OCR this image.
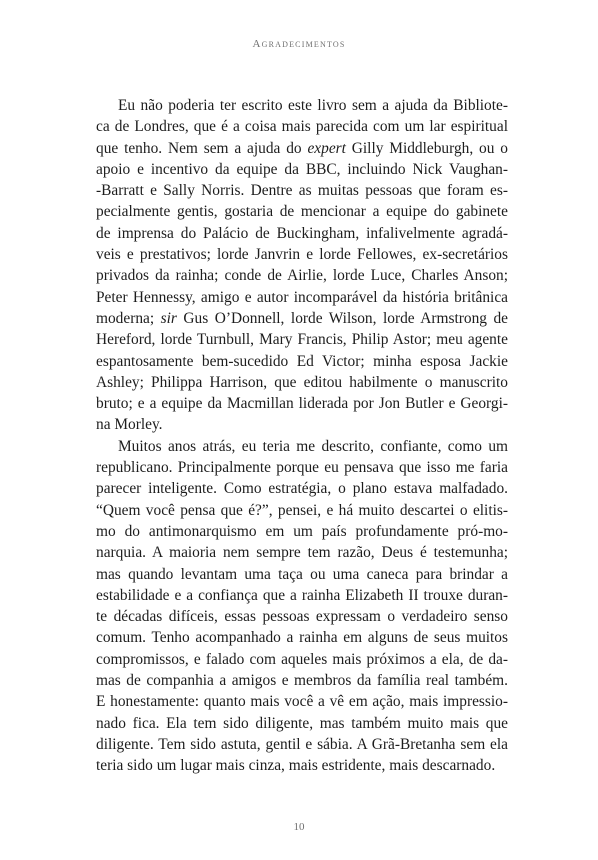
Agradecimentos
Eu não poderia ter escrito este livro sem a ajuda da Bibliote-
ca de Londres, que é a coisa mais parecida com um lar espiritual
que tenho. Nem sem a ajuda do expert Gilly Middleburgh, ou o
apoio e incentivo da equipe da BBC, incluindo Nick Vaughan-
-Barratt e Sally Norris. Dentre as muitas pessoas que foram es-
pecialmente gentis, gostaria de mencionar a equipe do gabinete
de imprensa do Palácio de Buckingham, infalivelmente agradá-
veis e prestativos; lorde Janvrin e lorde Fellowes, ex-secretários
privados da rainha; conde de Airlie, lorde Luce, Charles Anson;
Peter Hennessy, amigo e autor incomparável da história britânica
moderna; sir Gus O’Donnell, lorde Wilson, lorde Armstrong de
Hereford, lorde Turnbull, Mary Francis, Philip Astor; meu agente
espantosamente bem-sucedido Ed Victor; minha esposa Jackie
Ashley; Philippa Harrison, que editou habilmente o manuscrito
bruto; e a equipe da Macmillan liderada por Jon Butler e Georgi-
na Morley.
Muitos anos atrás, eu teria me descrito, confiante, como um
republicano. Principalmente porque eu pensava que isso me faria
parecer inteligente. Como estratégia, o plano estava malfadado.
“Quem você pensa que é?”, pensei, e há muito descartei o elitis-
mo do antimonarquismo em um país profundamente pró-mo-
narquia. A maioria nem sempre tem razão, Deus é testemunha;
mas quando levantam uma taça ou uma caneca para brindar a
estabilidade e a confiança que a rainha Elizabeth II trouxe duran-
te décadas difíceis, essas pessoas expressam o verdadeiro senso
comum. Tenho acompanhado a rainha em alguns de seus muitos
compromissos, e falado com aqueles mais próximos a ela, de da-
mas de companhia a amigos e membros da família real também.
E honestamente: quanto mais você a vê em ação, mais impressio-
nado fica. Ela tem sido diligente, mas também muito mais que
diligente. Tem sido astuta, gentil e sábia. A Grã-Bretanha sem ela
teria sido um lugar mais cinza, mais estridente, mais descarnado.
10
